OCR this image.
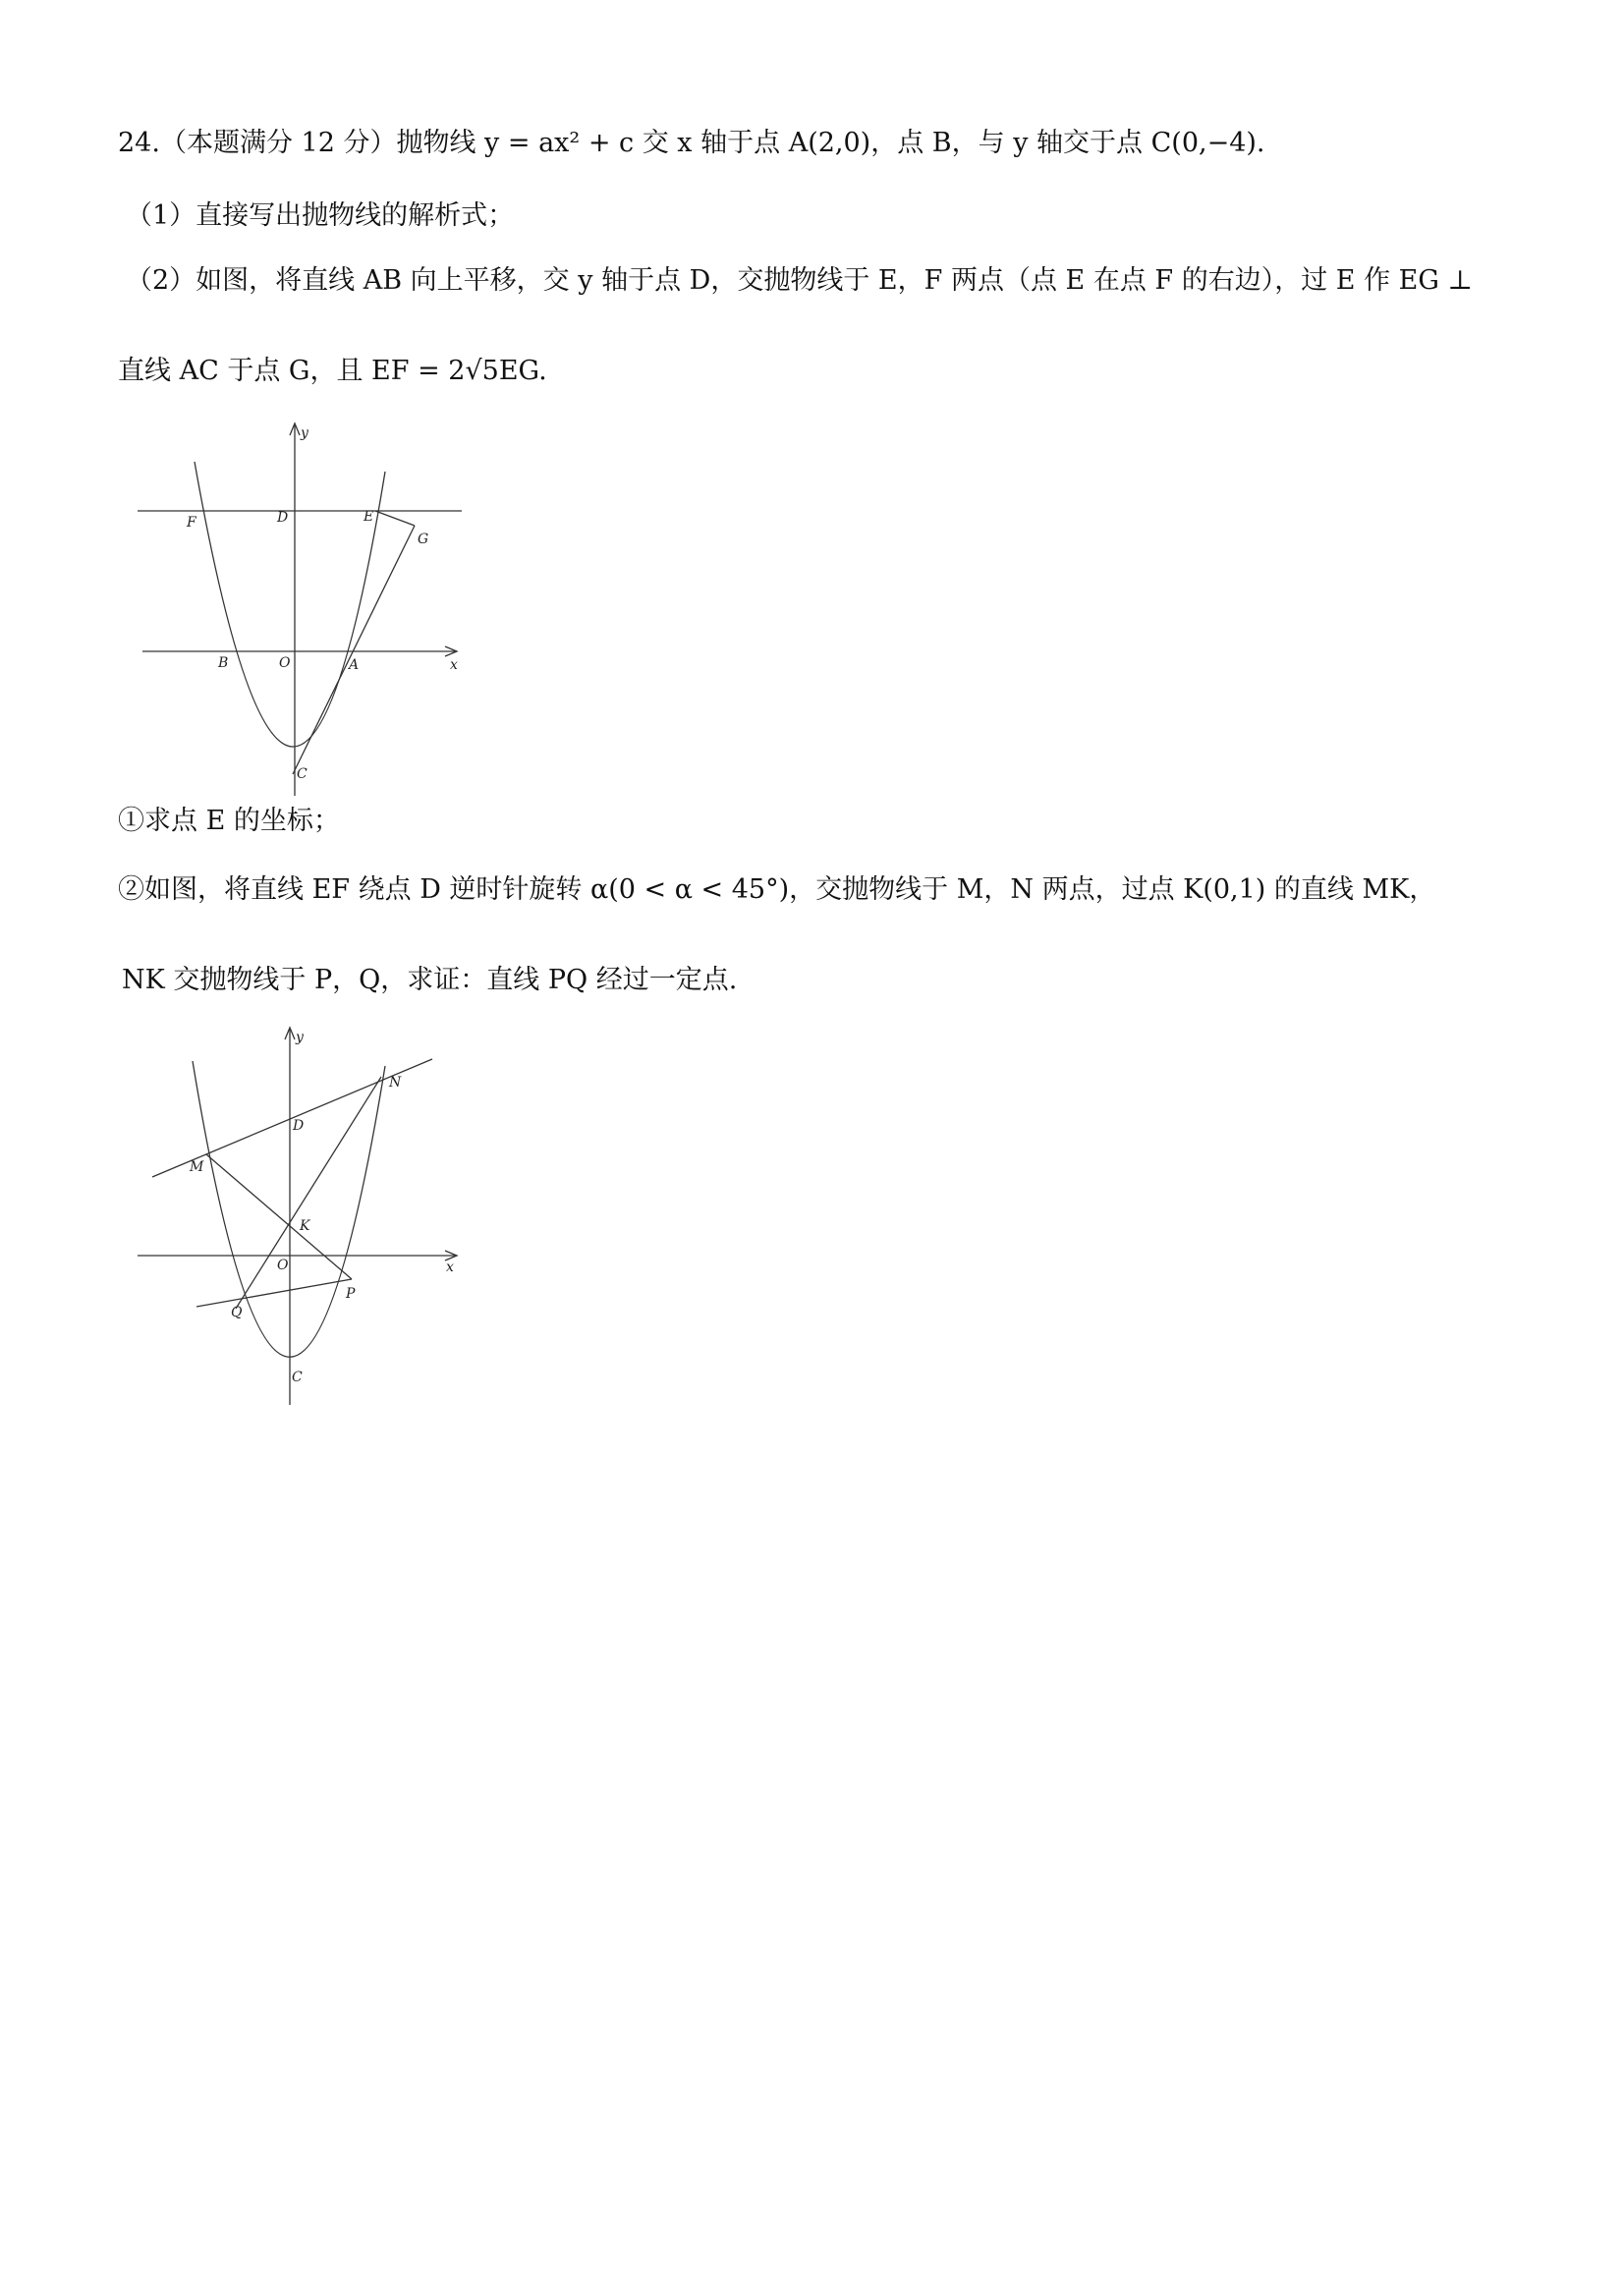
24.（本题满分 12 分）抛物线 y = ax² + c 交 x 轴于点 A(2,0)，点 B，与 y 轴交于点 C(0,−4).
（1）直接写出抛物线的解析式；
（2）如图，将直线 AB 向上平移，交 y 轴于点 D，交抛物线于 E，F 两点（点 E 在点 F 的右边），过 E 作 EG ⊥
直线 AC 于点 G，且 EF = 2√5EG.
y
x
F	D	E
G
B	O	A
C
①求点 E 的坐标；
②如图，将直线 EF 绕点 D 逆时针旋转 α(0 < α < 45°)，交抛物线于 M，N 两点，过点 K(0,1) 的直线 MK，
NK 交抛物线于 P，Q，求证：直线 PQ 经过一定点.
y
x
N
D
M
K
O
Q
P
C
